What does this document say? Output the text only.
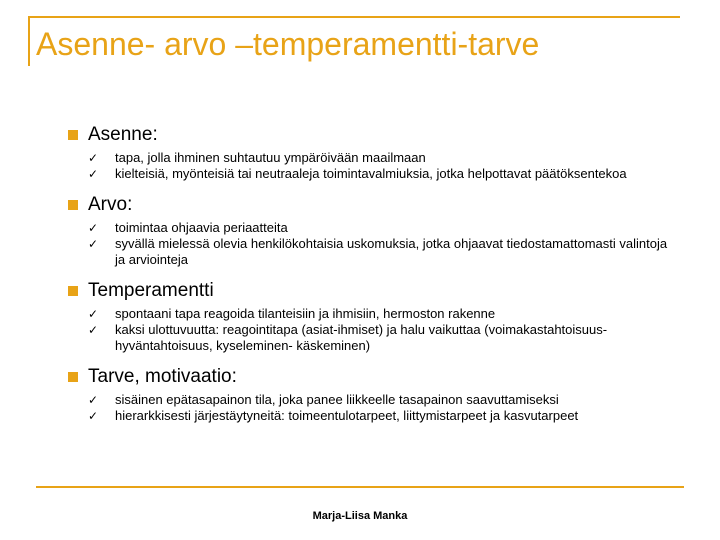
Asenne- arvo –temperamentti-tarve
Asenne:
✓	tapa, jolla ihminen suhtautuu ympäröivään maailmaan
✓	kielteisiä, myönteisiä tai neutraaleja toimintavalmiuksia, jotka helpottavat päätöksentekoa
Arvo:
✓	toimintaa ohjaavia periaatteita
✓	syvällä mielessä olevia henkilökohtaisia uskomuksia, jotka ohjaavat tiedostamattomasti valintoja ja arviointeja
Temperamentti
✓	spontaani tapa reagoida tilanteisiin ja ihmisiin, hermoston rakenne
✓	kaksi ulottuvuutta: reagointitapa (asiat-ihmiset) ja halu vaikuttaa (voimakastahtoisuus-hyväntahtoisuus, kyseleminen- käskeminen)
Tarve, motivaatio:
✓	sisäinen epätasapainon tila, joka panee liikkeelle tasapainon saavuttamiseksi
✓	hierarkkisesti järjestäytyneitä: toimeentulotarpeet, liittymistarpeet ja kasvutarpeet
Marja-Liisa Manka
